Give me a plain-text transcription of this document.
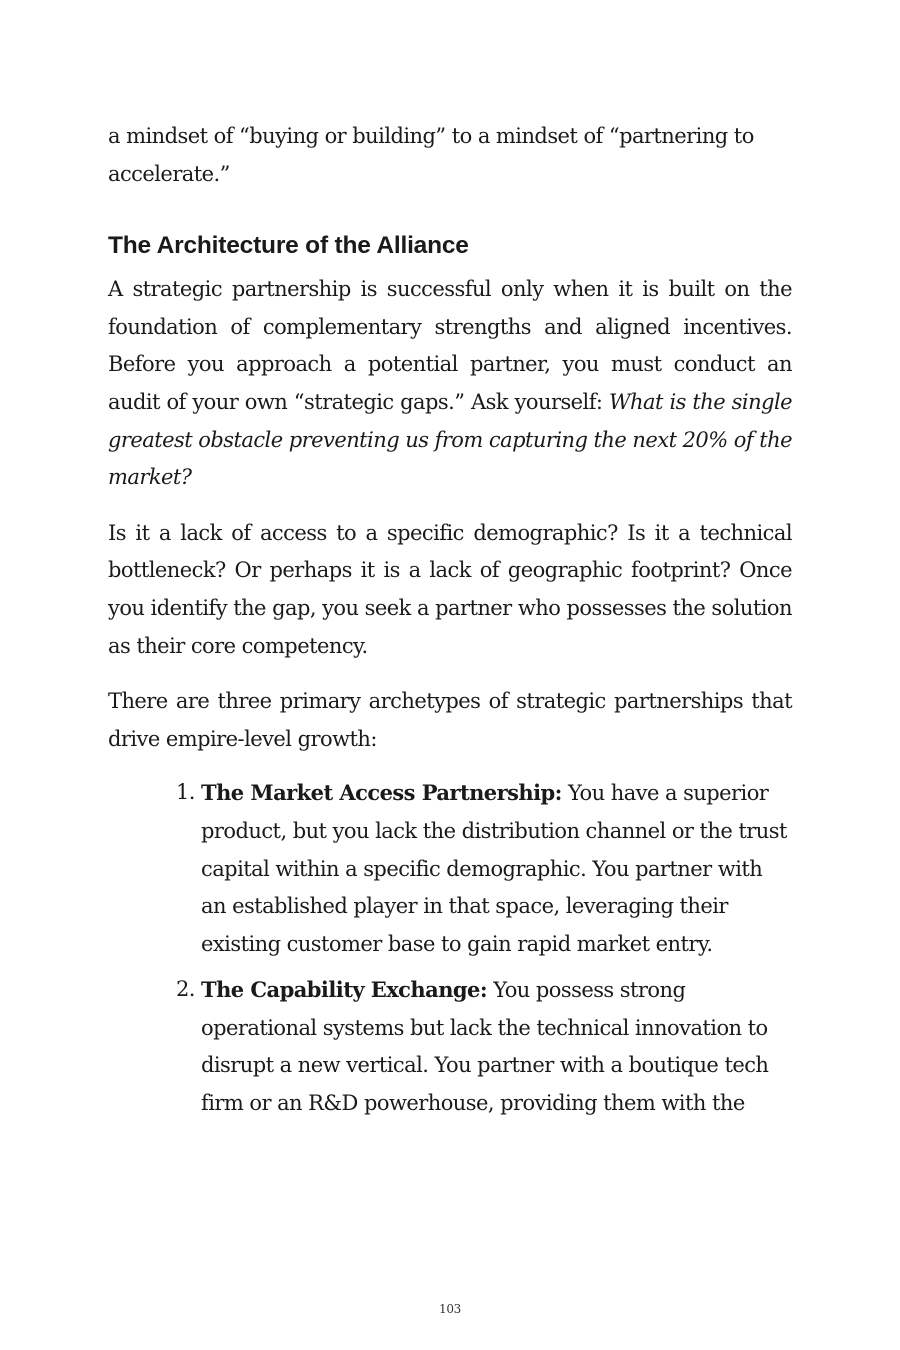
a mindset of “buying or building” to a mindset of “partnering to accelerate.”

The Architecture of the Alliance

A strategic partnership is successful only when it is built on the foundation of complementary strengths and aligned incentives. Before you approach a potential partner, you must conduct an audit of your own “strategic gaps.” Ask yourself: What is the single greatest obstacle preventing us from capturing the next 20% of the market?

Is it a lack of access to a specific demographic? Is it a technical bottleneck? Or perhaps it is a lack of geographic footprint? Once you identify the gap, you seek a partner who possesses the solution as their core competency.

There are three primary archetypes of strategic partnerships that drive empire-level growth:

1. The Market Access Partnership: You have a superior product, but you lack the distribution channel or the trust capital within a specific demographic. You partner with an established player in that space, leveraging their existing customer base to gain rapid market entry.
2. The Capability Exchange: You possess strong operational systems but lack the technical innovation to disrupt a new vertical. You partner with a boutique tech firm or an R&D powerhouse, providing them with the
103
